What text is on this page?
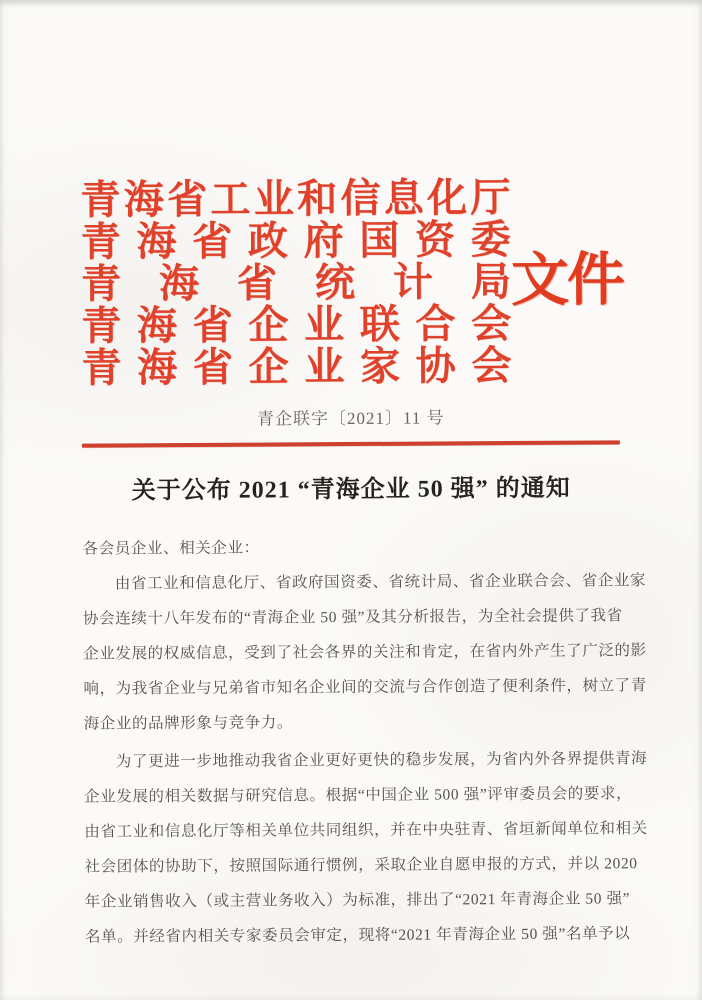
青 海 省 工 业 和 信 息 化 厅
青 海 省 政 府 国 资 委
青 海 省 统 计 局
青 海 省 企 业 联 合 会
青 海 省 企 业 家 协 会
文件
青企联字〔2021〕11 号
关于公布 2021 “青海企业 50 强” 的通知
各会员企业、相关企业：
由省工业和信息化厅、省政府国资委、省统计局、省企业联合会、省企业家
协会连续十八年发布的“青海企业 50 强”及其分析报告，为全社会提供了我省
企业发展的权威信息，受到了社会各界的关注和肯定，在省内外产生了广泛的影
响，为我省企业与兄弟省市知名企业间的交流与合作创造了便利条件，树立了青
海企业的品牌形象与竞争力。
为了更进一步地推动我省企业更好更快的稳步发展，为省内外各界提供青海
企业发展的相关数据与研究信息。根据“中国企业 500 强”评审委员会的要求，
由省工业和信息化厅等相关单位共同组织，并在中央驻青、省垣新闻单位和相关
社会团体的协助下，按照国际通行惯例，采取企业自愿申报的方式，并以 2020
年企业销售收入（或主营业务收入）为标准，排出了“2021 年青海企业 50 强”
名单。并经省内相关专家委员会审定，现将“2021 年青海企业 50 强”名单予以
